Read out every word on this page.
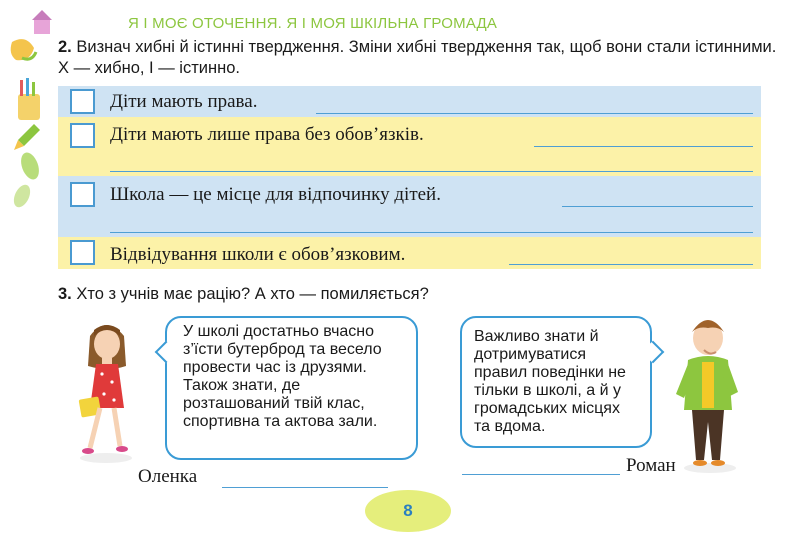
Я І МОЄ ОТОЧЕННЯ. Я І МОЯ ШКІЛЬНА ГРОМАДА
2. Визнач хибні й істинні твердження. Зміни хибні твердження так, щоб вони стали істинними. Х — хибно, І — істинно.
Діти мають права.
Діти мають лише права без обов’язків.
Школа — це місце для відпочинку дітей.
Відвідування школи є обов’язковим.
3. Хто з учнів має рацію? А хто — помиляється?
У школі достатньо вчасно з’їсти бутерброд та весело провести час із друзями. Також знати, де розташований твій клас, спортивна та актова зали.
Важливо знати й дотримуватися правил поведінки не тільки в школі, а й у громадських місцях та вдома.
Оленка
Роман
8
